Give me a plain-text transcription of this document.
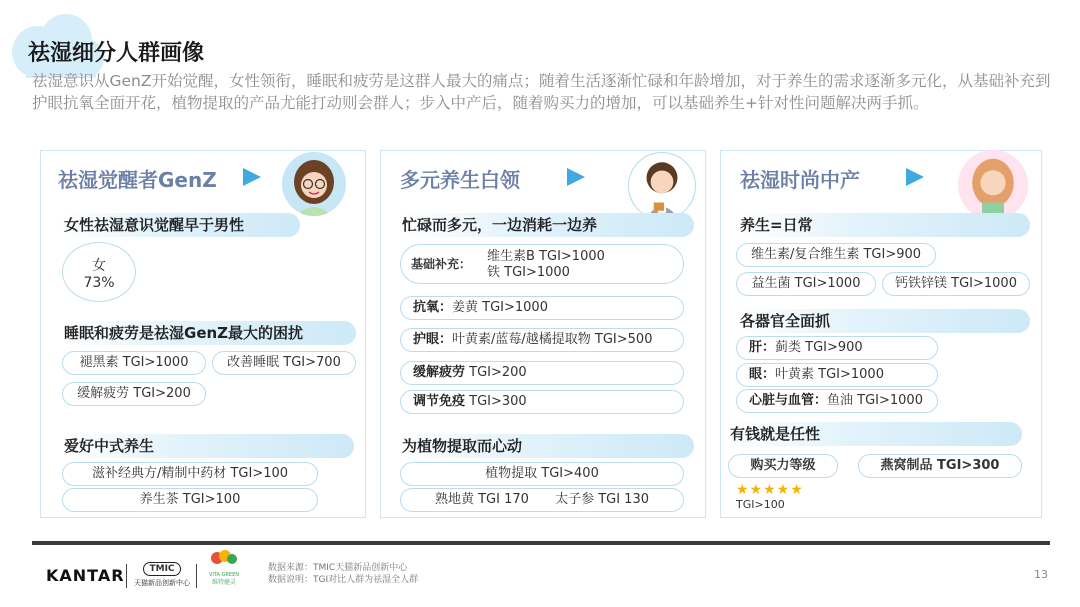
祛湿细分人群画像
祛湿意识从GenZ开始觉醒，女性领衔，睡眠和疲劳是这群人最大的痛点；随着生活逐渐忙碌和年龄增加，对于养生的需求逐渐多元化，从基础补充到护眼抗氧全面开花，植物提取的产品尤能打动则会群人；步入中产后，随着购买力的增加，可以基础养生+针对性问题解决两手抓。
祛湿觉醒者GenZ
女性祛湿意识觉醒早于男性
女
73%
睡眠和疲劳是祛湿GenZ最大的困扰
褪黑素 TGI>1000	改善睡眠 TGI>700
缓解疲劳 TGI>200
爱好中式养生
滋补经典方/精制中药材 TGI>100
养生茶 TGI>100
多元养生白领
忙碌而多元，一边消耗一边养
基础补充： 维生素B TGI>1000
铁 TGI>1000
抗氧：姜黄 TGI>1000
护眼：叶黄素/蓝莓/越橘提取物 TGI>500
缓解疲劳 TGI>200
调节免疫 TGI>300
为植物提取而心动
植物提取 TGI>400
熟地黄 TGI 170 太子参 TGI 130
祛湿时尚中产
养生=日常
维生素/复合维生素 TGI>900
益生菌 TGI>1000	钙铁锌镁 TGI>1000
各器官全面抓
肝：蓟类 TGI>900
眼：叶黄素 TGI>1000
心脏与血管：鱼油 TGI>1000
有钱就是任性
购买力等级	燕窝制品 TGI>300
★★★★★
TGI>100
KANTAR	TMIC
天猫新品创新中心
VITA GREEN
维特健灵
数据来源：TMIC天猫新品创新中心
数据说明：TGI对比人群为祛湿全人群	13
